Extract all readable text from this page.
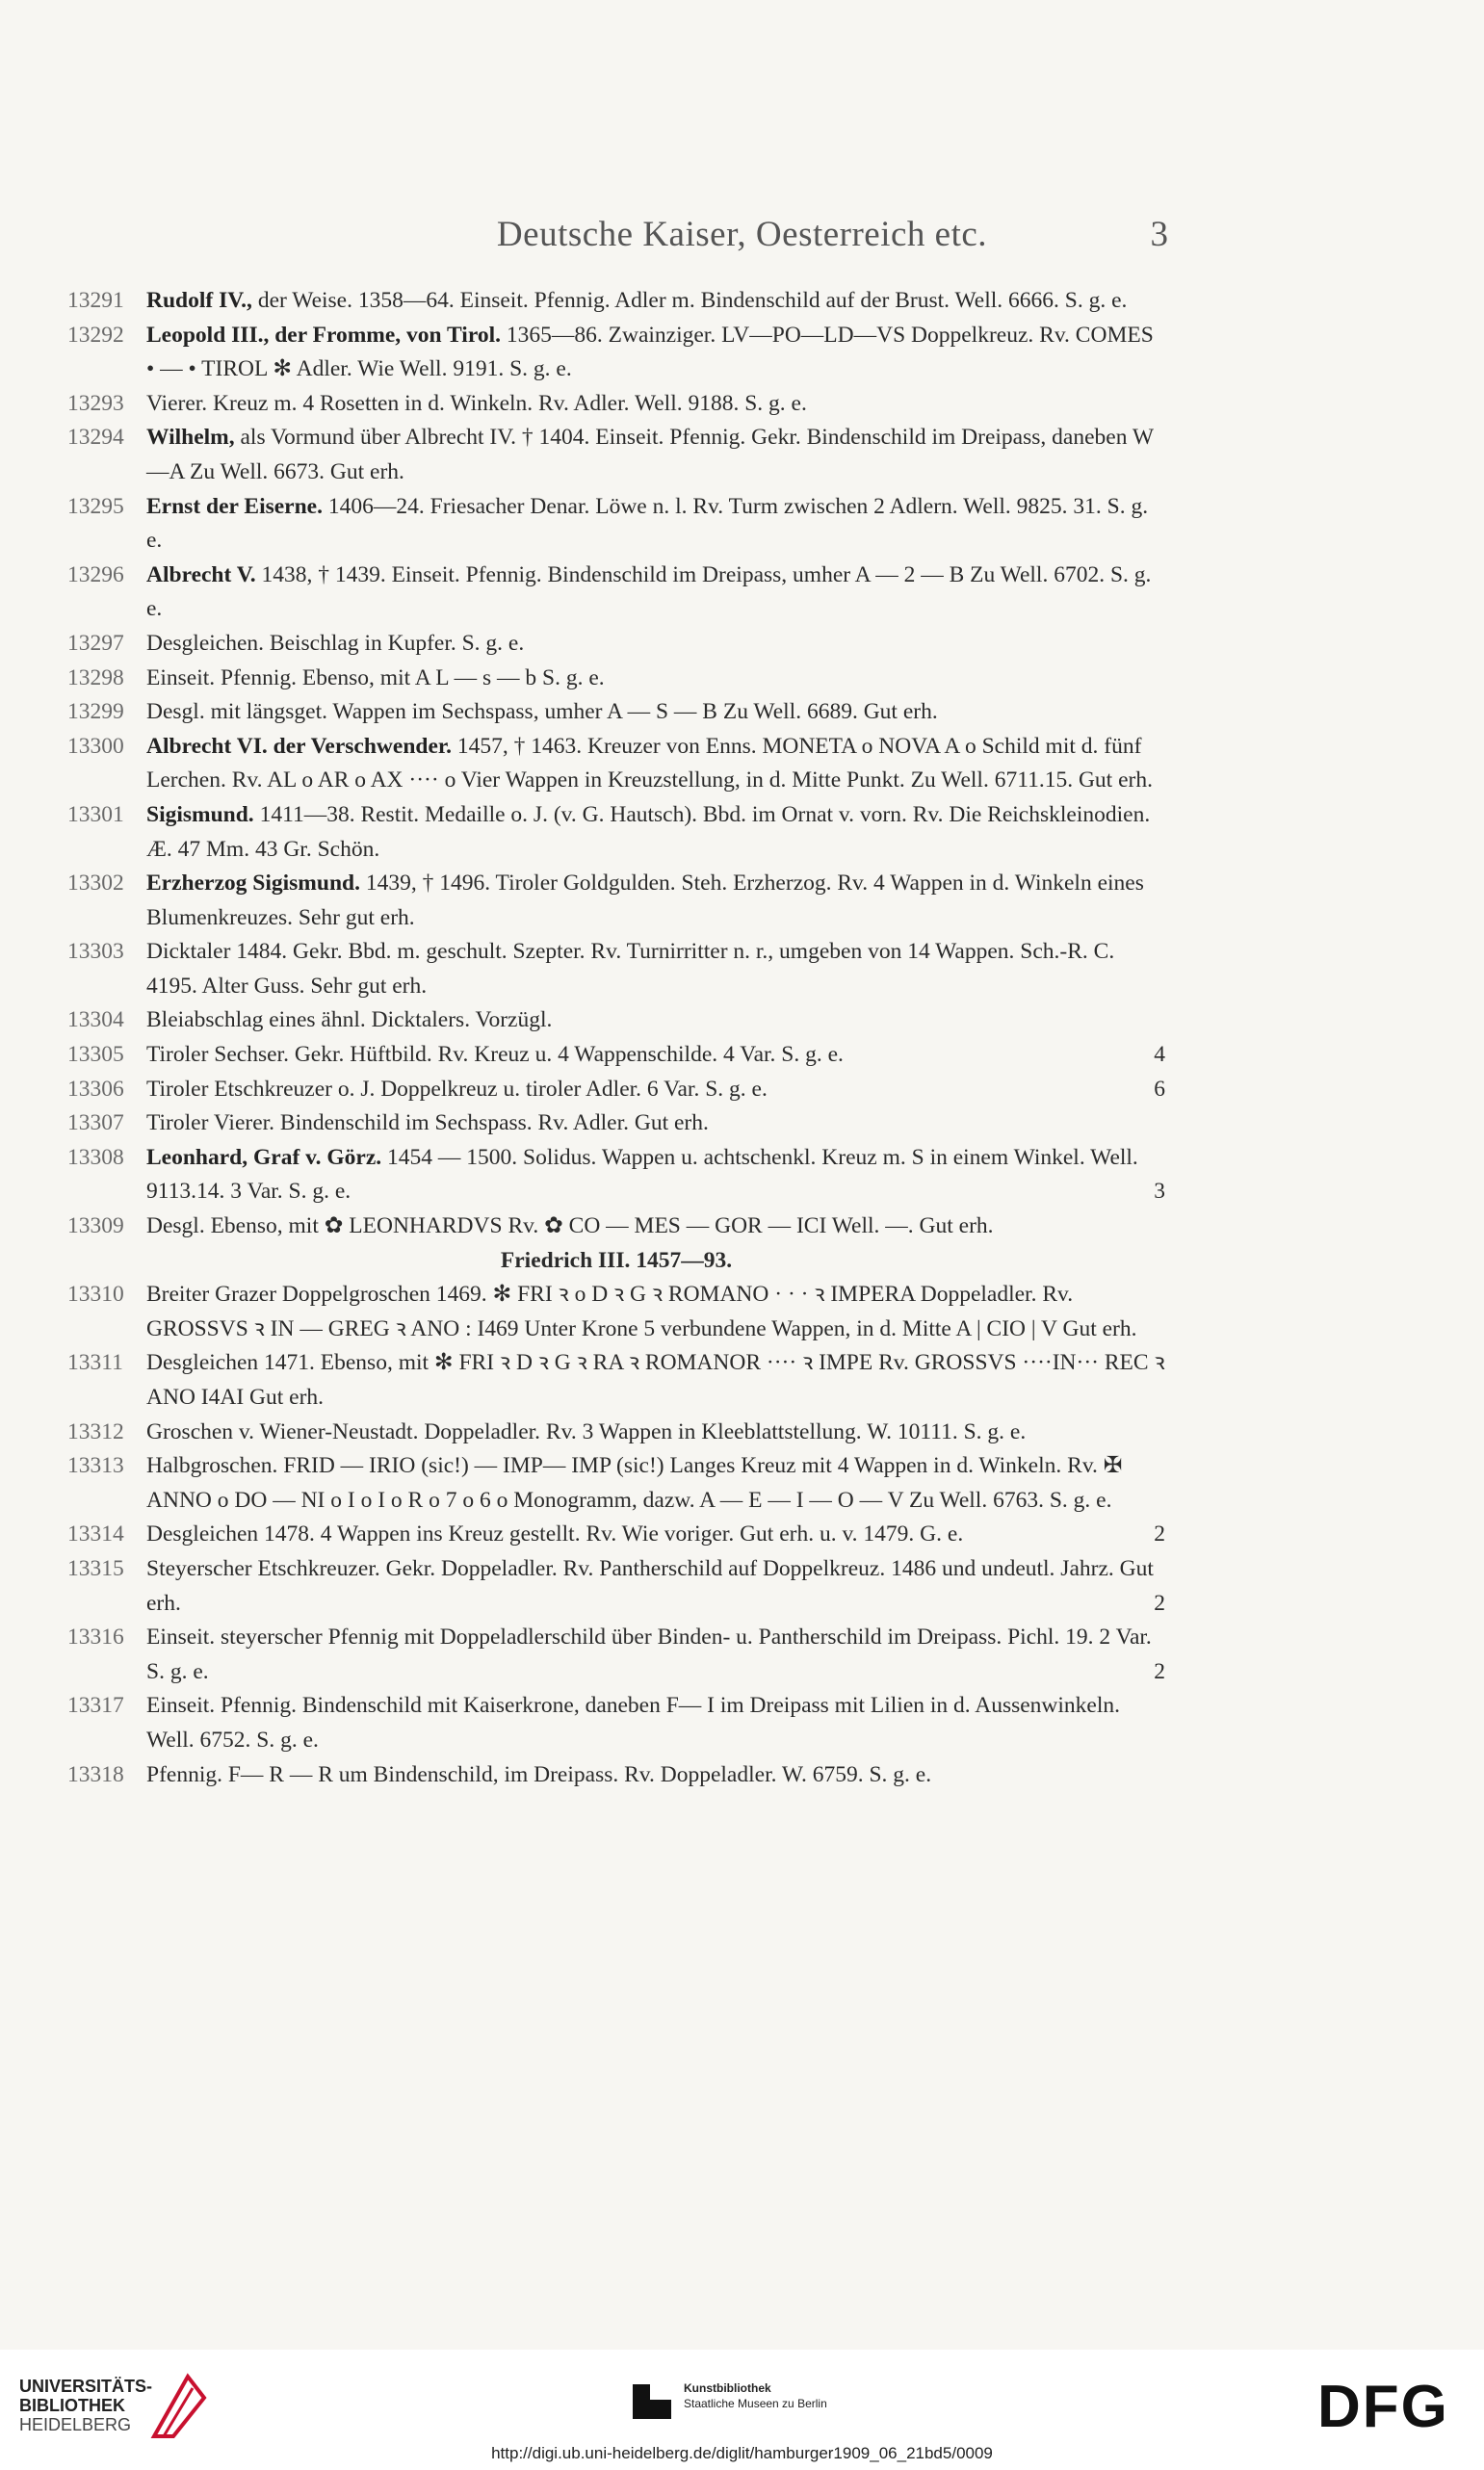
Deutsche Kaiser, Oesterreich etc.	3
13291 Rudolf IV., der Weise. 1358—64. Einseit. Pfennig. Adler m. Bindenschild auf der Brust. Well. 6666. S. g. e.
13292 Leopold III., der Fromme, von Tirol. 1365—86. Zwainziger. LV—PO—LD—VS Doppelkreuz. Rv. COMES • — • TIROL ✻ Adler. Wie Well. 9191. S. g. e.
13293 Vierer. Kreuz m. 4 Rosetten in d. Winkeln. Rv. Adler. Well. 9188. S. g. e.
13294 Wilhelm, als Vormund über Albrecht IV. † 1404. Einseit. Pfennig. Gekr. Bindenschild im Dreipass, daneben W—A Zu Well. 6673. Gut erh.
13295 Ernst der Eiserne. 1406—24. Friesacher Denar. Löwe n. l. Rv. Turm zwischen 2 Adlern. Well. 9825. 31. S. g. e.
13296 Albrecht V. 1438, † 1439. Einseit. Pfennig. Bindenschild im Dreipass, umher A — 2 — B Zu Well. 6702. S. g. e.
13297 Desgleichen. Beischlag in Kupfer. S. g. e.
13298 Einseit. Pfennig. Ebenso, mit A L — s — b S. g. e.
13299 Desgl. mit längsget. Wappen im Sechspass, umher A — S — B Zu Well. 6689. Gut erh.
13300 Albrecht VI. der Verschwender. 1457, † 1463. Kreuzer von Enns. MONETA o NOVA A o Schild mit d. fünf Lerchen. Rv. AL o AR o AX ···· o Vier Wappen in Kreuzstellung, in d. Mitte Punkt. Zu Well. 6711.15. Gut erh.
13301 Sigismund. 1411—38. Restit. Medaille o. J. (v. G. Hautsch). Bbd. im Ornat v. vorn. Rv. Die Reichskleinodien. Æ. 47 Mm. 43 Gr. Schön.
13302 Erzherzog Sigismund. 1439, † 1496. Tiroler Goldgulden. Steh. Erzherzog. Rv. 4 Wappen in d. Winkeln eines Blumenkreuzes. Sehr gut erh.
13303 Dicktaler 1484. Gekr. Bbd. m. geschult. Szepter. Rv. Turnirritter n. r., umgeben von 14 Wappen. Sch.-R. C. 4195. Alter Guss. Sehr gut erh.
13304 Bleiabschlag eines ähnl. Dicktalers. Vorzügl.
13305 Tiroler Sechser. Gekr. Hüftbild. Rv. Kreuz u. 4 Wappenschilde. 4 Var. S. g. e.	4
13306 Tiroler Etschkreuzer o. J. Doppelkreuz u. tiroler Adler. 6 Var. S. g. e.	6
13307 Tiroler Vierer. Bindenschild im Sechspass. Rv. Adler. Gut erh.
13308 Leonhard, Graf v. Görz. 1454 — 1500. Solidus. Wappen u. achtschenkl. Kreuz m. S in einem Winkel. Well. 9113.14. 3 Var. S. g. e.	3
13309 Desgl. Ebenso, mit ✿ LEONHARDVS Rv. ✿ CO — MES — GOR — ICI Well. —. Gut erh.
Friedrich III. 1457—93.
13310 Breiter Grazer Doppelgroschen 1469. ✻ FRI ꝛ o D ꝛ G ꝛ ROMANO · · · ꝛ IMPERA Doppeladler. Rv. GROSSVS ꝛ IN — GREG ꝛ ANO : I469 Unter Krone 5 verbundene Wappen, in d. Mitte A | CIO | V Gut erh.
13311	Desgleichen 1471. Ebenso, mit ✻ FRI ꝛ D ꝛ G ꝛ RA ꝛ ROMANOR ···· ꝛ IMPE Rv. GROSSVS ····IN··· REC ꝛ ANO I4AI Gut erh.
13312 Groschen v. Wiener-Neustadt. Doppeladler. Rv. 3 Wappen in Kleeblattstellung. W. 10111. S. g. e.
13313 Halbgroschen. FRID — IRIO (sic!) — IMP— IMP (sic!) Langes Kreuz mit 4 Wappen in d. Winkeln. Rv. ✠ ANNO o DO — NI o I o I o R o 7 o 6 o Monogramm, dazw. A — E — I — O — V Zu Well. 6763. S. g. e.
13314 Desgleichen 1478. 4 Wappen ins Kreuz gestellt. Rv. Wie voriger. Gut erh. u. v. 1479. G. e.	2
13315 Steyerscher Etschkreuzer. Gekr. Doppeladler. Rv. Pantherschild auf Doppelkreuz. 1486 und undeutl. Jahrz. Gut erh.	2
13316 Einseit. steyerscher Pfennig mit Doppeladlerschild über Binden- u. Pantherschild im Dreipass. Pichl. 19. 2 Var. S. g. e.	2
13317 Einseit. Pfennig. Bindenschild mit Kaiserkrone, daneben F— I im Dreipass mit Lilien in d. Aussenwinkeln. Well. 6752. S. g. e.
13318 Pfennig. F— R — R um Bindenschild, im Dreipass. Rv. Doppeladler. W. 6759. S. g. e.
UNIVERSITÄTS-
BIBLIOTHEK
HEIDELBERG
Kunstbibliothek
Staatliche Museen zu Berlin	DFG
http://digi.ub.uni-heidelberg.de/diglit/hamburger1909_06_21bd5/0009
